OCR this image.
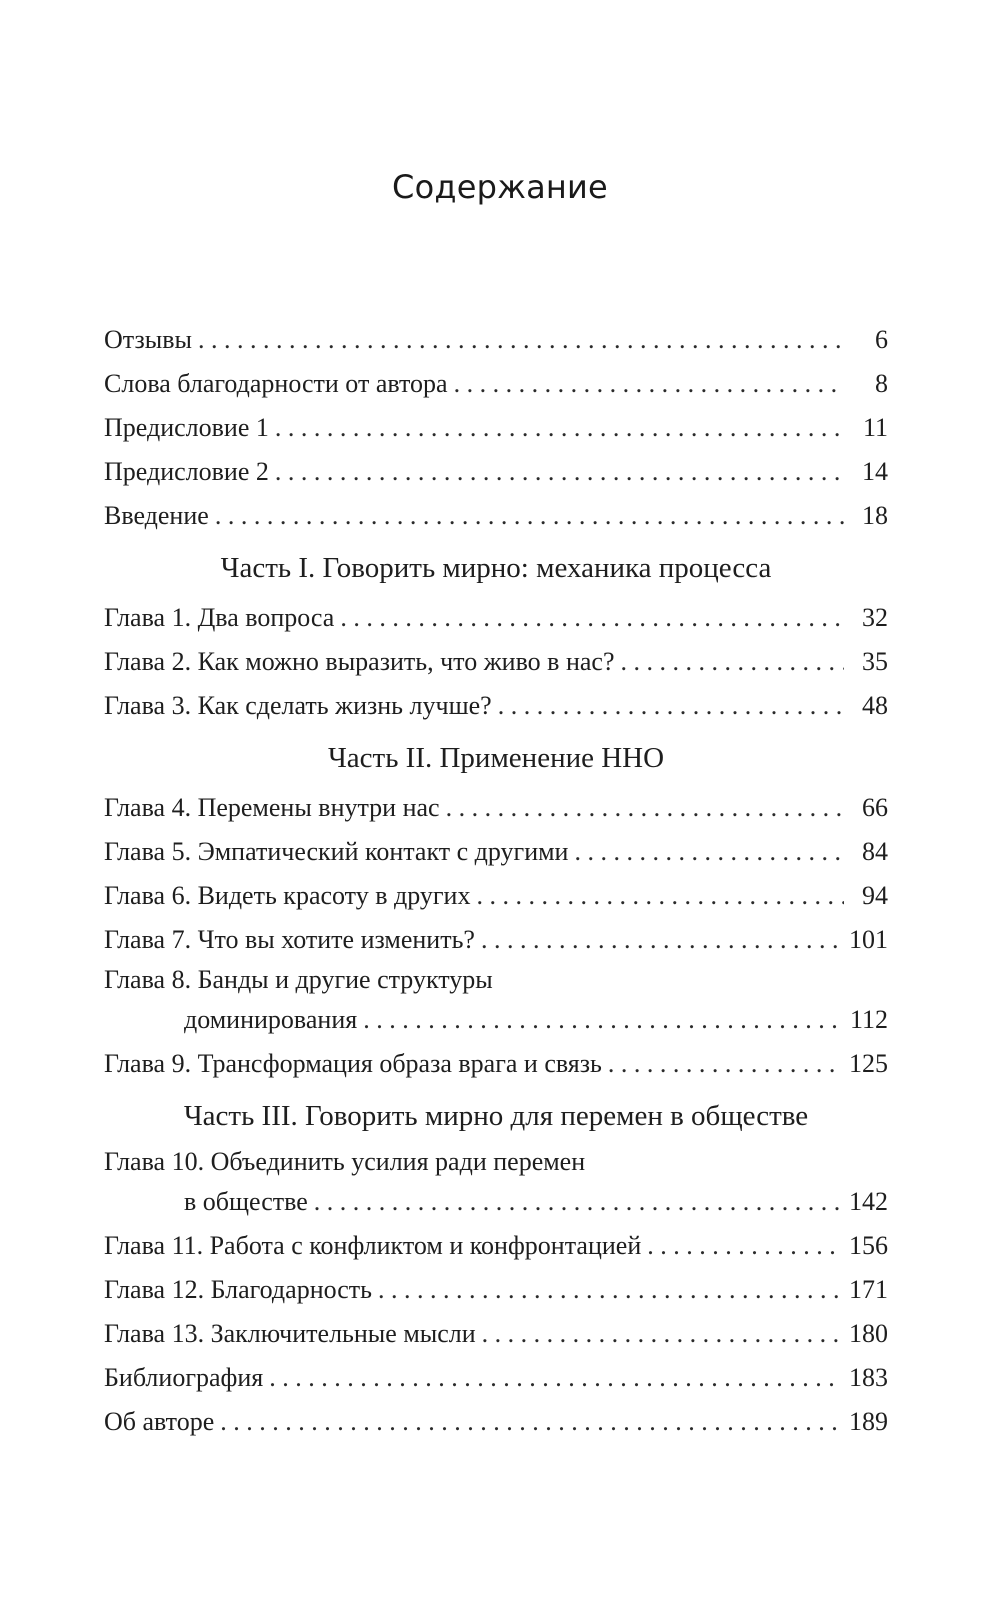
Содержание
Отзывы . . .	6
Слова благодарности от автора . . .	8
Предисловие 1 . . .	11
Предисловие 2 . . .	14
Введение . . .	18
Часть I. Говорить мирно: механика процесса
Глава 1. Два вопроса . . .	32
Глава 2. Как можно выразить, что живо в нас? . . .	35
Глава 3. Как сделать жизнь лучше? . . .	48
Часть II. Применение ННО
Глава 4. Перемены внутри нас . . .	66
Глава 5. Эмпатический контакт с другими . . .	84
Глава 6. Видеть красоту в других . . .	94
Глава 7. Что вы хотите изменить? . . .	101
Глава 8. Банды и другие структуры
доминирования . . .	112
Глава 9. Трансформация образа врага и связь . . .	125
Часть III. Говорить мирно для перемен в обществе
Глава 10. Объединить усилия ради перемен
в обществе . . .	142
Глава 11. Работа с конфликтом и конфронтацией . . .	156
Глава 12. Благодарность . . .	171
Глава 13. Заключительные мысли . . .	180
Библиография . . .	183
Об авторе . . .	189
